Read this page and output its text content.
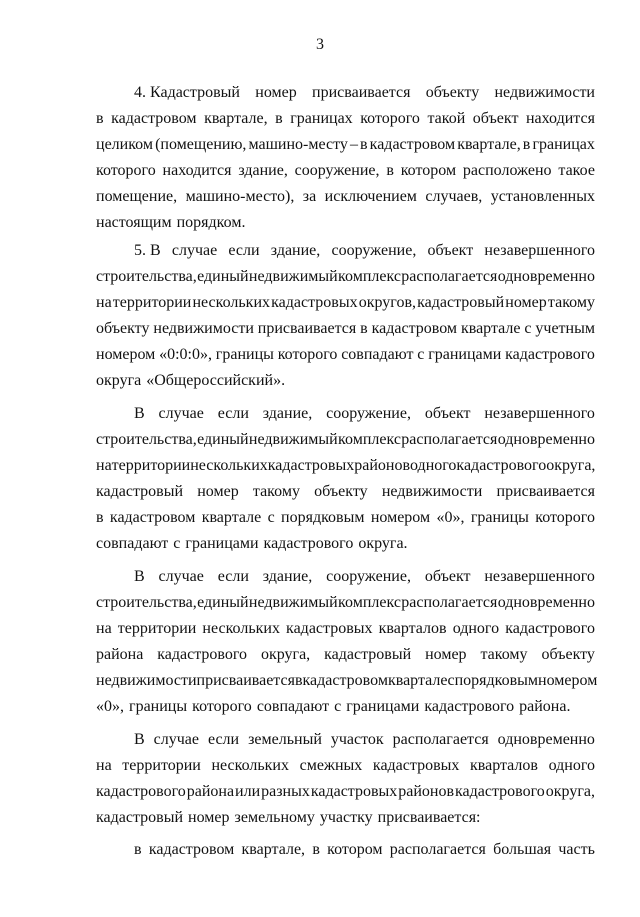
3
4. Кадастровый номер присваивается объекту недвижимости
в кадастровом квартале, в границах которого такой объект находится
целиком (помещению, машино-месту – в кадастровом квартале, в границах
которого находится здание, сооружение, в котором расположено такое
помещение, машино-место), за исключением случаев, установленных
настоящим порядком.
5. В случае если здание, сооружение, объект незавершенного
строительства, единый недвижимый комплекс располагается одновременно
на территории нескольких кадастровых округов, кадастровый номер такому
объекту недвижимости присваивается в кадастровом квартале с учетным
номером «0:0:0», границы которого совпадают с границами кадастрового
округа «Общероссийский».
В случае если здание, сооружение, объект незавершенного
строительства, единый недвижимый комплекс располагается одновременно
на территории нескольких кадастровых районов одного кадастрового округа,
кадастровый номер такому объекту недвижимости присваивается
в кадастровом квартале с порядковым номером «0», границы которого
совпадают с границами кадастрового округа.
В случае если здание, сооружение, объект незавершенного
строительства, единый недвижимый комплекс располагается одновременно
на территории нескольких кадастровых кварталов одного кадастрового
района кадастрового округа, кадастровый номер такому объекту
недвижимости присваивается в кадастровом квартале с порядковым номером
«0», границы которого совпадают с границами кадастрового района.
В случае если земельный участок располагается одновременно
на территории нескольких смежных кадастровых кварталов одного
кадастрового района или разных кадастровых районов кадастрового округа,
кадастровый номер земельному участку присваивается:
в кадастровом квартале, в котором располагается большая часть
